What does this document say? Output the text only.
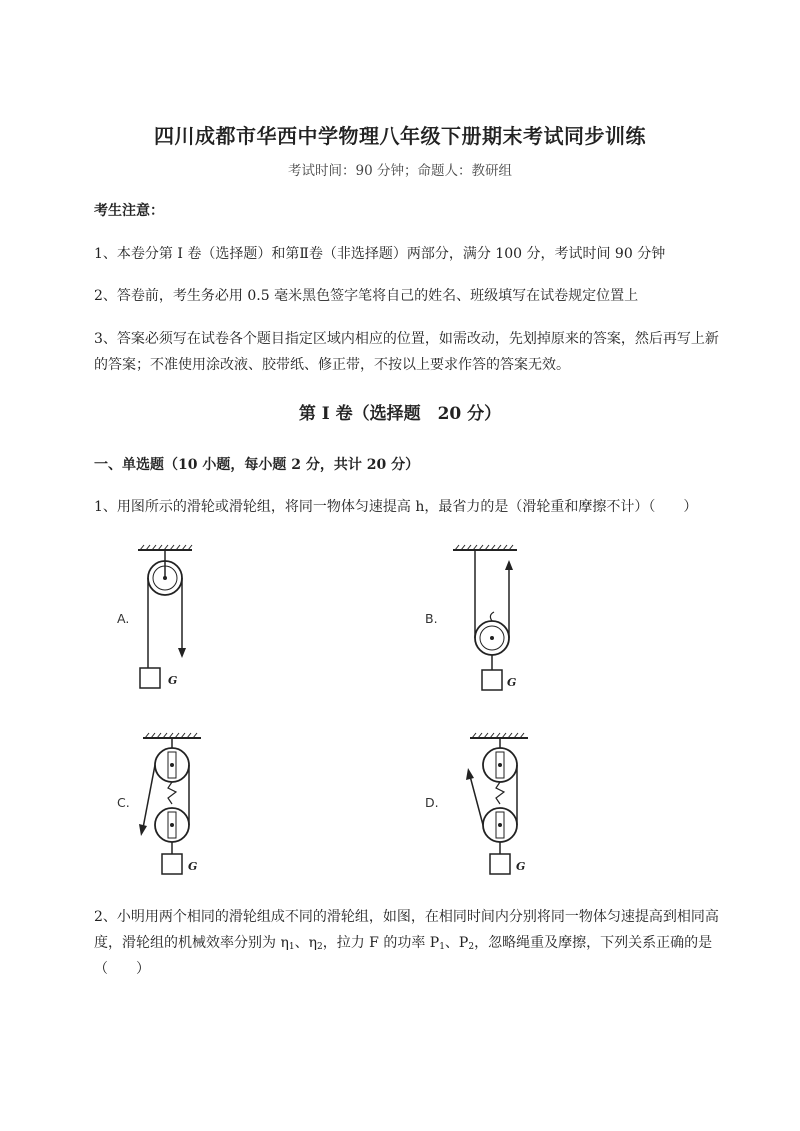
四川成都市华西中学物理八年级下册期末考试同步训练
考试时间：90 分钟；命题人：教研组
考生注意：
1、本卷分第 I 卷（选择题）和第Ⅱ卷（非选择题）两部分，满分 100 分，考试时间 90 分钟
2、答卷前，考生务必用 0.5 毫米黑色签字笔将自己的姓名、班级填写在试卷规定位置上
3、答案必须写在试卷各个题目指定区域内相应的位置，如需改动，先划掉原来的答案，然后再写上新
的答案；不准使用涂改液、胶带纸、修正带，不按以上要求作答的答案无效。
第 I 卷（选择题　20 分）
一、单选题（10 小题，每小题 2 分，共计 20 分）
1、用图所示的滑轮或滑轮组，将同一物体匀速提高 h，最省力的是（滑轮重和摩擦不计）（　　）
A.	B.
C.	D.
G	G
G	G
2、小明用两个相同的滑轮组成不同的滑轮组，如图，在相同时间内分别将同一物体匀速提高到相同高
度，滑轮组的机械效率分别为 $\eta_1$、$\eta_2$，拉力 F 的功率 $P_1$、$P_2$，忽略绳重及摩擦，下列关系正确的是
（　　）
